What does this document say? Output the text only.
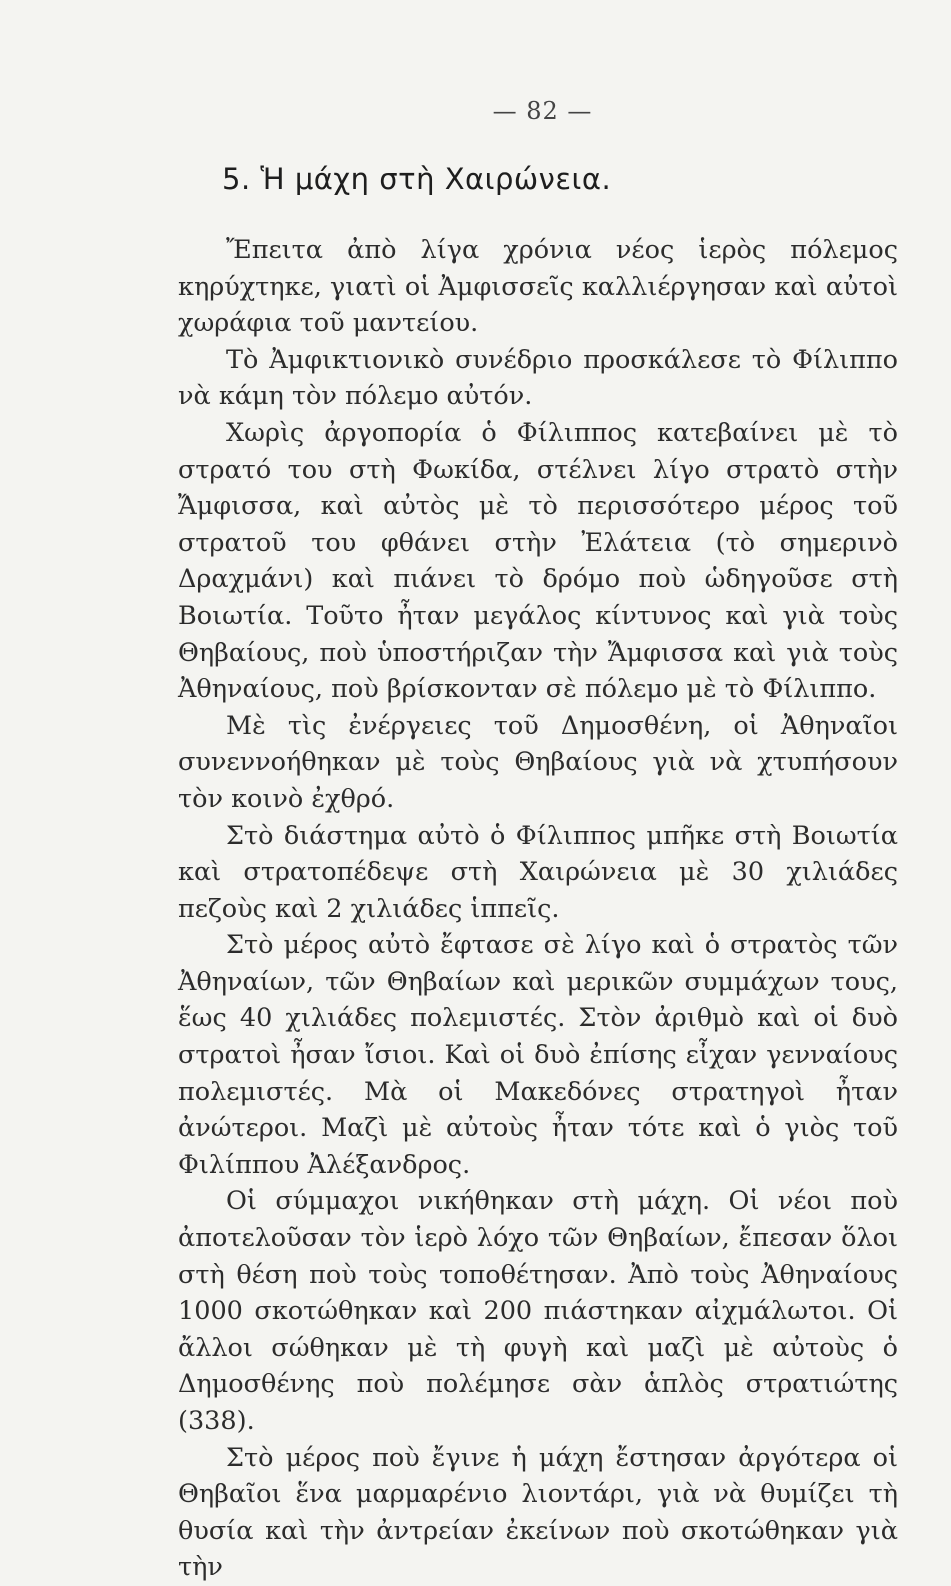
— 82 —
5. Ἡ μάχη στὴ Χαιρώνεια.

Ἔπειτα ἀπὸ λίγα χρόνια νέος ἱερὸς πόλεμος κηρύχτηκε, γιατὶ οἱ Ἀμφισσεῖς καλλιέργησαν καὶ αὐτοὶ χωράφια τοῦ μαντείου.

Τὸ Ἀμφικτιονικὸ συνέδριο προσκάλεσε τὸ Φίλιππο νὰ κάμη τὸν πόλεμο αὐτόν.

Χωρὶς ἀργοπορία ὁ Φίλιππος κατεβαίνει μὲ τὸ στρατό του στὴ Φωκίδα, στέλνει λίγο στρατὸ στὴν Ἄμφισσα, καὶ αὐτὸς μὲ τὸ περισσότερο μέρος τοῦ στρατοῦ του φθάνει στὴν Ἐλάτεια (τὸ σημερινὸ Δραχμάνι) καὶ πιάνει τὸ δρόμο ποὺ ὡδηγοῦσε στὴ Βοιωτία. Τοῦτο ἦταν μεγάλος κίντυνος καὶ γιὰ τοὺς Θηβαίους, ποὺ ὑποστήριζαν τὴν Ἄμφισσα καὶ γιὰ τοὺς Ἀθηναίους, ποὺ βρίσκονταν σὲ πόλεμο μὲ τὸ Φίλιππο.

Μὲ τὶς ἐνέργειες τοῦ Δημοσθένη, οἱ Ἀθηναῖοι συνεννοήθηκαν μὲ τοὺς Θηβαίους γιὰ νὰ χτυπήσουν τὸν κοινὸ ἐχθρό.

Στὸ διάστημα αὐτὸ ὁ Φίλιππος μπῆκε στὴ Βοιωτία καὶ στρατοπέδεψε στὴ Χαιρώνεια μὲ 30 χιλιάδες πεζοὺς καὶ 2 χιλιάδες ἱππεῖς.

Στὸ μέρος αὐτὸ ἔφτασε σὲ λίγο καὶ ὁ στρατὸς τῶν Ἀθηναίων, τῶν Θηβαίων καὶ μερικῶν συμμάχων τους, ἕως 40 χιλιάδες πολεμιστές. Στὸν ἀριθμὸ καὶ οἱ δυὸ στρατοὶ ἦσαν ἴσιοι. Καὶ οἱ δυὸ ἐπίσης εἶχαν γενναίους πολεμιστές. Μὰ οἱ Μακεδόνες στρατηγοὶ ἦταν ἀνώτεροι. Μαζὶ μὲ αὐτοὺς ἦταν τότε καὶ ὁ γιὸς τοῦ Φιλίππου Ἀλέξανδρος.

Οἱ σύμμαχοι νικήθηκαν στὴ μάχη. Οἱ νέοι ποὺ ἀποτελοῦσαν τὸν ἱερὸ λόχο τῶν Θηβαίων, ἔπεσαν ὅλοι στὴ θέση ποὺ τοὺς τοποθέτησαν. Ἀπὸ τοὺς Ἀθηναίους 1000 σκοτώθηκαν καὶ 200 πιάστηκαν αἰχμάλωτοι. Οἱ ἄλλοι σώθηκαν μὲ τὴ φυγὴ καὶ μαζὶ μὲ αὐτοὺς ὁ Δημοσθένης ποὺ πολέμησε σὰν ἁπλὸς στρατιώτης (338).

Στὸ μέρος ποὺ ἔγινε ἡ μάχη ἔστησαν ἀργότερα οἱ Θηβαῖοι ἕνα μαρμαρένιο λιοντάρι, γιὰ νὰ θυμίζει τὴ θυσία καὶ τὴν ἀντρείαν ἐκείνων ποὺ σκοτώθηκαν γιὰ τὴν
